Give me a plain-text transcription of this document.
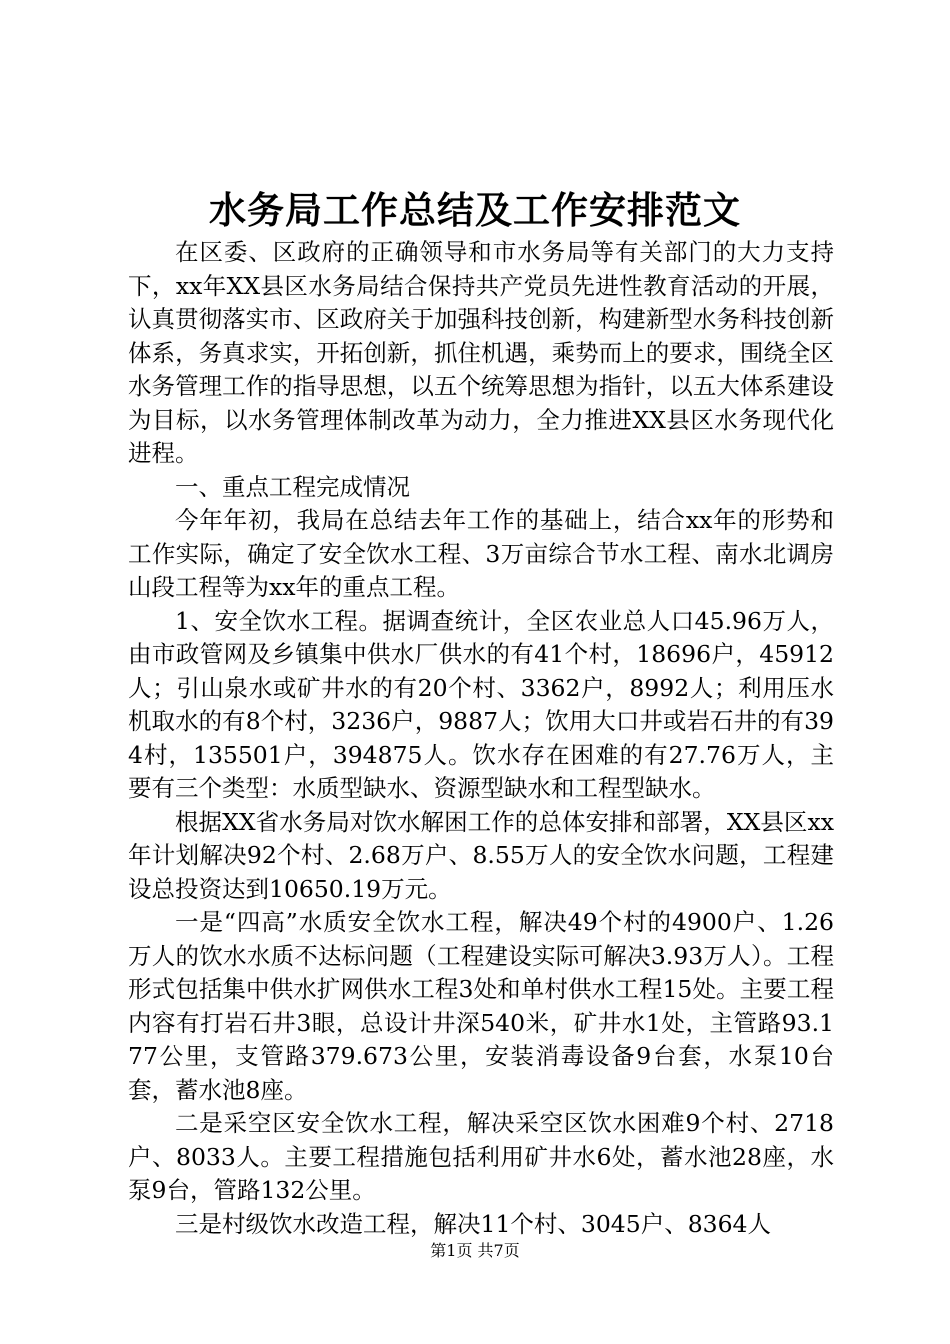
水务局工作总结及工作安排范文

在区委、区政府的正确领导和市水务局等有关部门的大力支持下，xx年XX县区水务局结合保持共产党员先进性教育活动的开展，认真贯彻落实市、区政府关于加强科技创新，构建新型水务科技创新体系，务真求实，开拓创新，抓住机遇，乘势而上的要求，围绕全区水务管理工作的指导思想，以五个统筹思想为指针，以五大体系建设为目标，以水务管理体制改革为动力，全力推进XX县区水务现代化进程。

一、重点工程完成情况

今年年初，我局在总结去年工作的基础上，结合xx年的形势和工作实际，确定了安全饮水工程、3万亩综合节水工程、南水北调房山段工程等为xx年的重点工程。

1、安全饮水工程。据调查统计，全区农业总人口45.96万人，由市政管网及乡镇集中供水厂供水的有41个村，18696户，45912人；引山泉水或矿井水的有20个村、3362户，8992人；利用压水机取水的有8个村，3236户，9887人；饮用大口井或岩石井的有394村，135501户，394875人。饮水存在困难的有27.76万人，主要有三个类型：水质型缺水、资源型缺水和工程型缺水。

根据XX省水务局对饮水解困工作的总体安排和部署，XX县区xx年计划解决92个村、2.68万户、8.55万人的安全饮水问题，工程建设总投资达到10650.19万元。

一是“四高”水质安全饮水工程，解决49个村的4900户、1.26万人的饮水水质不达标问题（工程建设实际可解决3.93万人）。工程形式包括集中供水扩网供水工程3处和单村供水工程15处。主要工程内容有打岩石井3眼，总设计井深540米，矿井水1处，主管路93.177公里，支管路379.673公里，安装消毒设备9台套，水泵10台套，蓄水池8座。

二是采空区安全饮水工程，解决采空区饮水困难9个村、2718户、8033人。主要工程措施包括利用矿井水6处，蓄水池28座，水泵9台，管路132公里。

三是村级饮水改造工程，解决11个村、3045户、8364人

第1页 共7页
